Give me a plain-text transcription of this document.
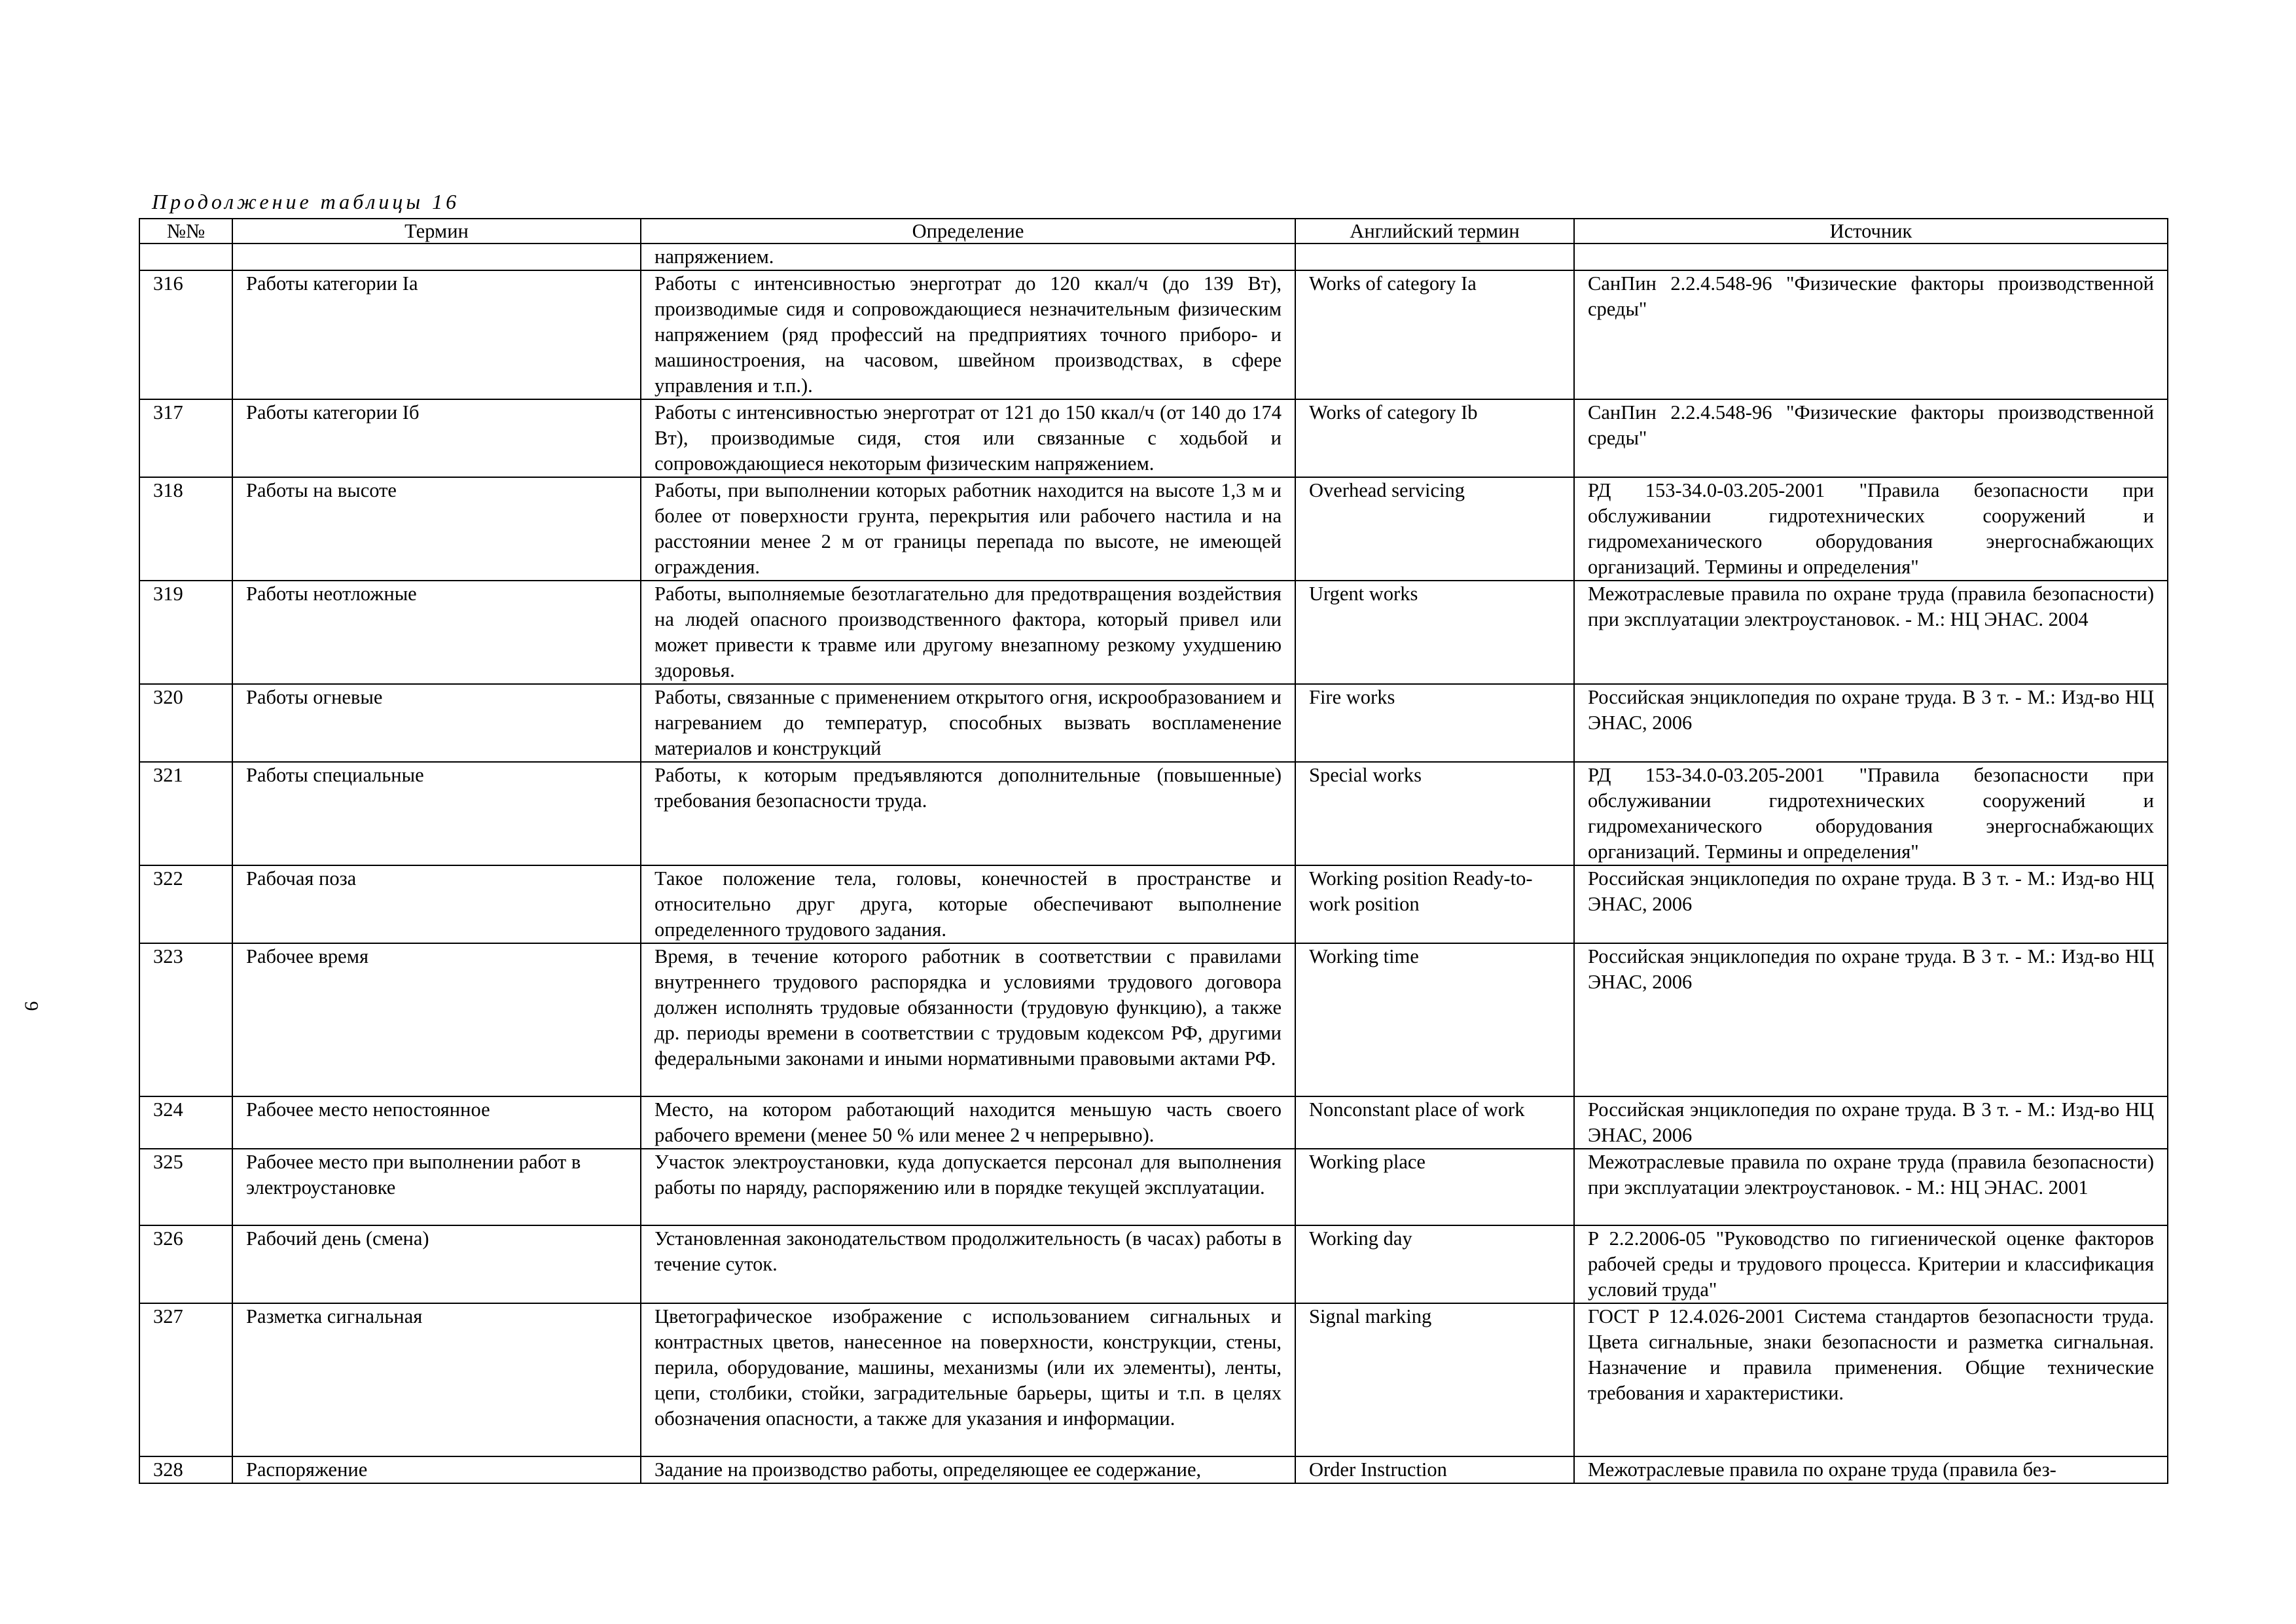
Продолжение таблицы 16
9
№№	Термин	Определение	Английский термин	Источник
		напряжением.		
316	Работы категории Ia	Работы с интенсивностью энерготрат до 120 ккал/ч (до 139 Вт), производимые сидя и сопровождающиеся незначительным физическим напряжением (ряд профессий на предприятиях точного приборо- и машиностроения, на часовом, швейном производствах, в сфере управления и т.п.).	Works of category Ia	СанПин 2.2.4.548-96 "Физические факторы производственной среды"
317	Работы категории Iб	Работы с интенсивностью энерготрат от 121 до 150 ккал/ч (от 140 до 174 Вт), производимые сидя, стоя или связанные с ходьбой и сопровождающиеся некоторым физическим напряжением.	Works of category Ib	СанПин 2.2.4.548-96 "Физические факторы производственной среды"
318	Работы на высоте	Работы, при выполнении которых работник находится на высоте 1,3 м и более от поверхности грунта, перекрытия или рабочего настила и на расстоянии менее 2 м от границы перепада по высоте, не имеющей ограждения.	Overhead servicing	РД 153-34.0-03.205-2001 "Правила безопасности при обслуживании гидротехнических сооружений и гидромеханического оборудования энергоснабжающих организаций. Термины и определения"
319	Работы неотложные	Работы, выполняемые безотлагательно для предотвращения воздействия на людей опасного производственного фактора, который привел или может привести к травме или другому внезапному резкому ухудшению здоровья.	Urgent works	Межотраслевые правила по охране труда (правила безопасности) при эксплуатации электроустановок. - М.: НЦ ЭНАС. 2004
320	Работы огневые	Работы, связанные с применением открытого огня, искрообразованием и нагреванием до температур, способных вызвать воспламенение материалов и конструкций	Fire works	Российская энциклопедия по охране труда. В 3 т. - М.: Изд-во НЦ ЭНАС, 2006
321	Работы специальные	Работы, к которым предъявляются дополнительные (повышенные) требования безопасности труда.	Special works	РД 153-34.0-03.205-2001 "Правила безопасности при обслуживании гидротехнических сооружений и гидромеханического оборудования энергоснабжающих организаций. Термины и определения"
322	Рабочая поза	Такое положение тела, головы, конечностей в пространстве и относительно друг друга, которые обеспечивают выполнение определенного трудового задания.	Working position Ready-to-work position	Российская энциклопедия по охране труда. В 3 т. - М.: Изд-во НЦ ЭНАС, 2006
323	Рабочее время	Время, в течение которого работник в соответствии с правилами внутреннего трудового распорядка и условиями трудового договора должен исполнять трудовые обязанности (трудовую функцию), а также др. периоды времени в соответствии с трудовым кодексом РФ, другими федеральными законами и иными нормативными правовыми актами РФ.	Working time	Российская энциклопедия по охране труда. В 3 т. - М.: Изд-во НЦ ЭНАС, 2006
324	Рабочее место непостоянное	Место, на котором работающий находится меньшую часть своего рабочего времени (менее 50 % или менее 2 ч непрерывно).	Nonconstant place of work	Российская энциклопедия по охране труда. В 3 т. - М.: Изд-во НЦ ЭНАС, 2006
325	Рабочее место при выполнении работ в электроустановке	Участок электроустановки, куда допускается персонал для выполнения работы по наряду, распоряжению или в порядке текущей эксплуатации.	Working place	Межотраслевые правила по охране труда (правила безопасности) при эксплуатации электроустановок. - М.: НЦ ЭНАС. 2001
326	Рабочий день (смена)	Установленная законодательством продолжительность (в часах) работы в течение суток.	Working day	Р 2.2.2006-05 "Руководство по гигиенической оценке факторов рабочей среды и трудового процесса. Критерии и классификация условий труда"
327	Разметка сигнальная	Цветографическое изображение с использованием сигнальных и контрастных цветов, нанесенное на поверхности, конструкции, стены, перила, оборудование, машины, механизмы (или их элементы), ленты, цепи, столбики, стойки, заградительные барьеры, щиты и т.п. в целях обозначения опасности, а также для указания и информации.	Signal marking	ГОСТ Р 12.4.026-2001 Система стандартов безопасности труда. Цвета сигнальные, знаки безопасности и разметка сигнальная. Назначение и правила применения. Общие технические требования и характеристики.
328	Распоряжение	Задание на производство работы, определяющее ее содержание,	Order Instruction	Межотраслевые правила по охране труда (правила без-
